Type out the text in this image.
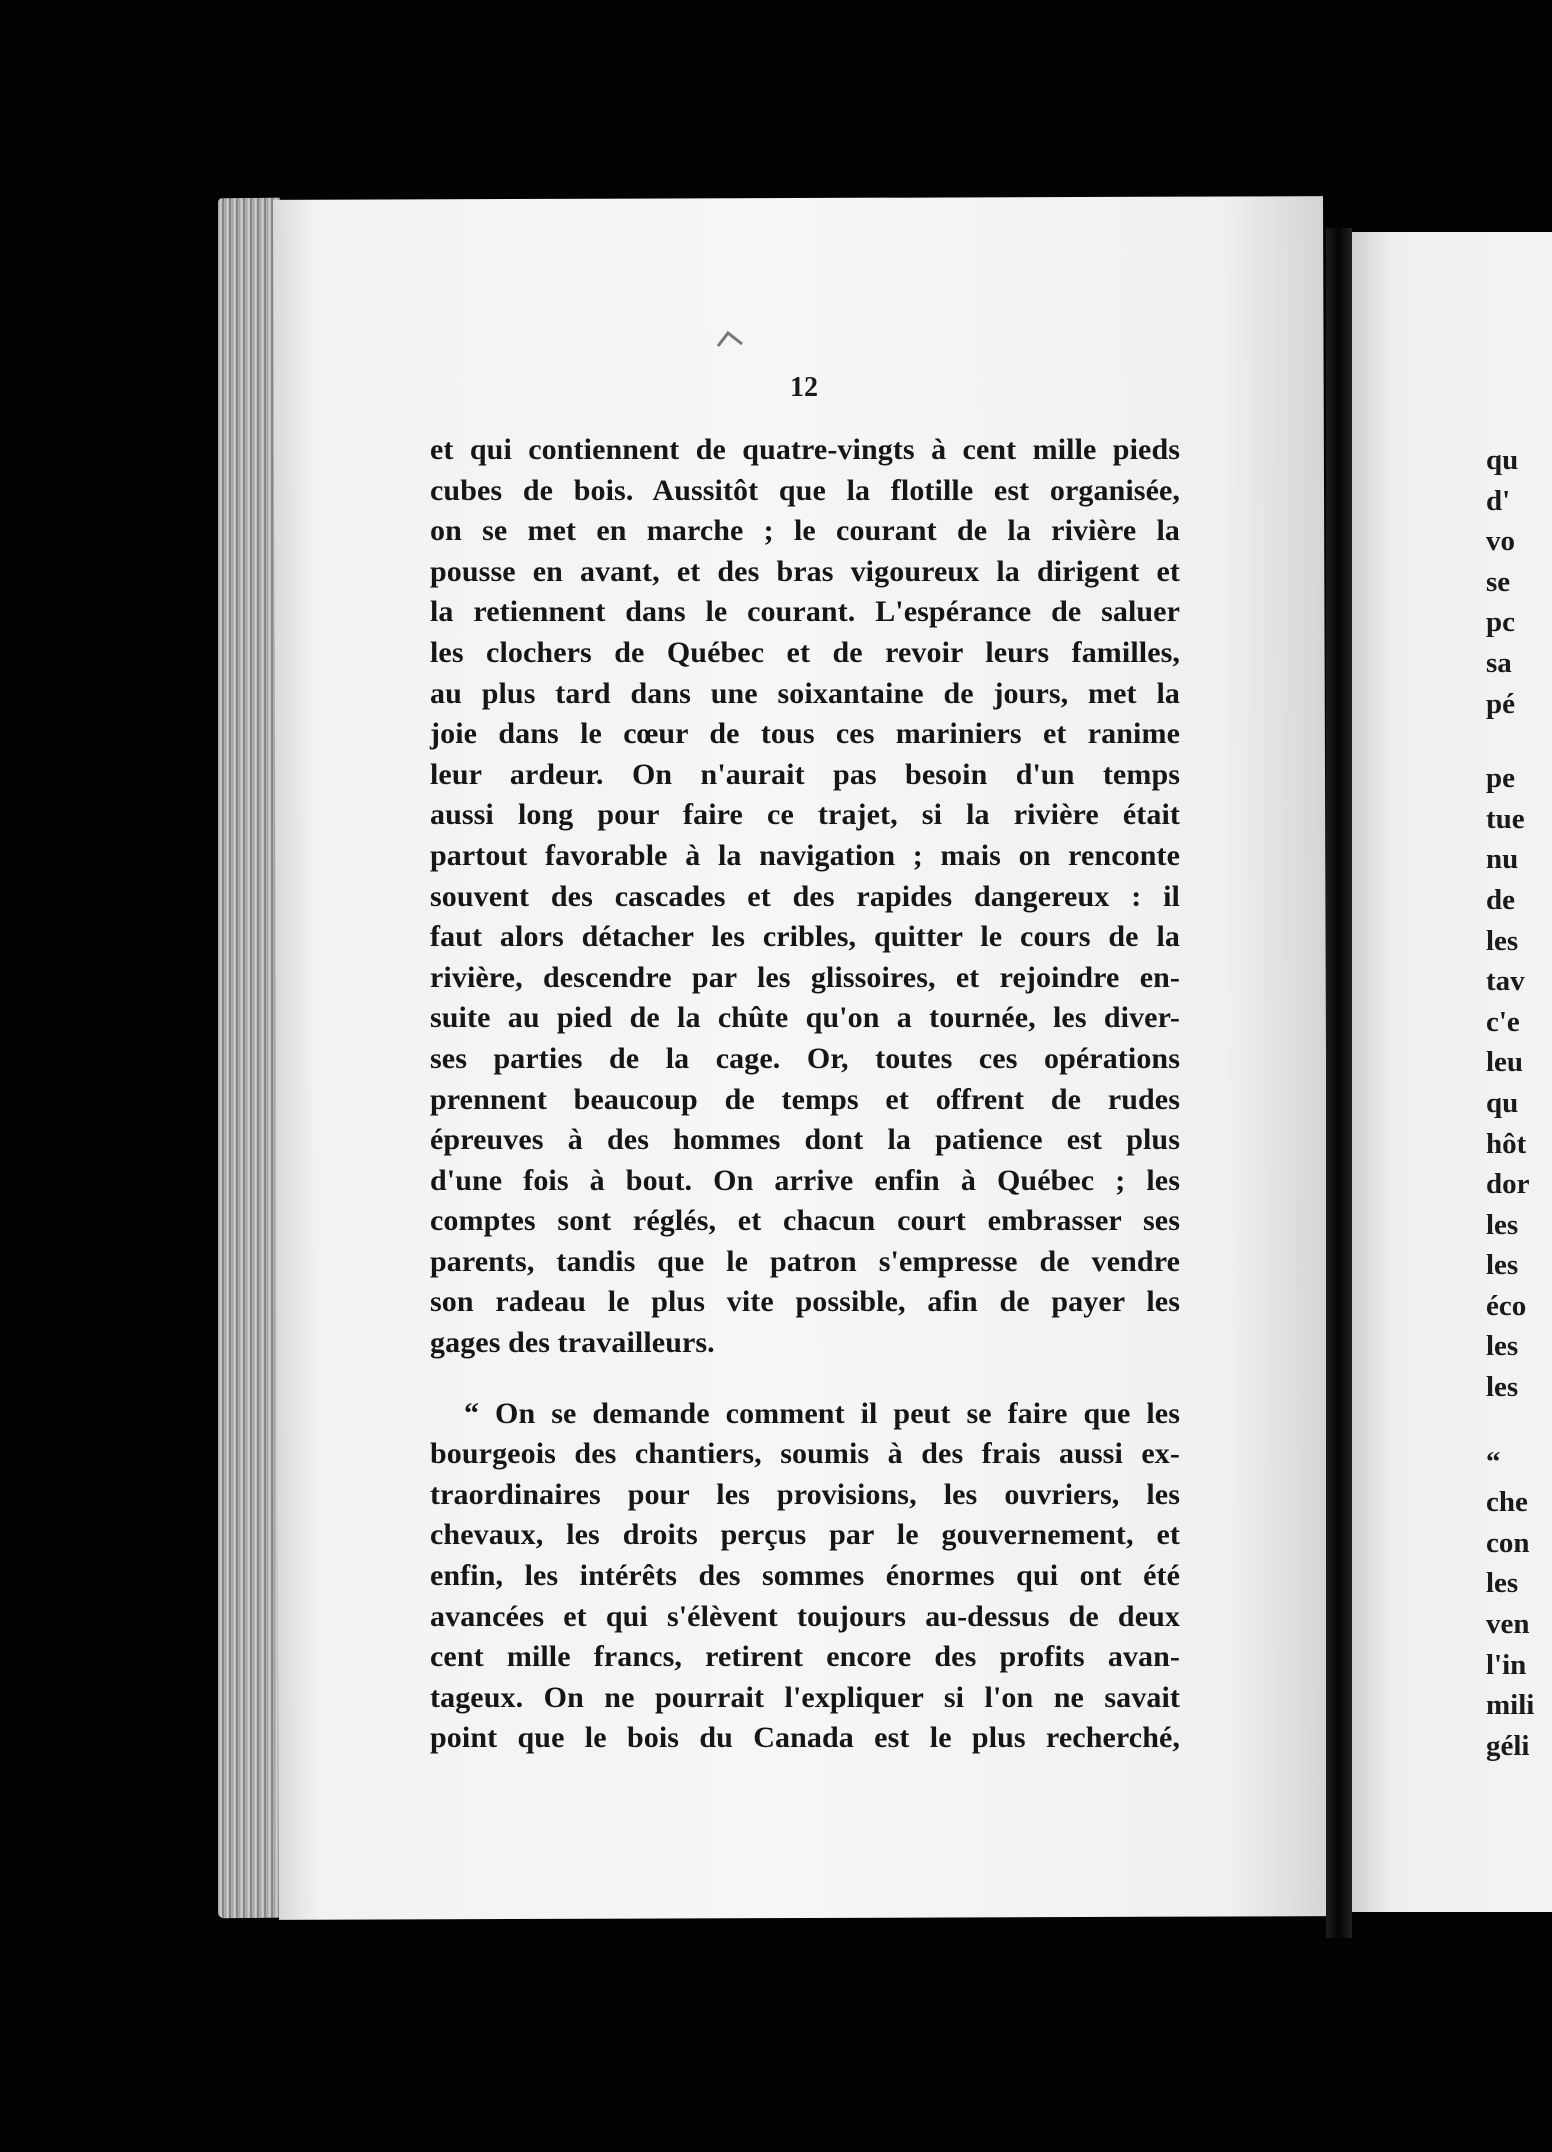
12
et qui contiennent de quatre-vingts à cent mille pieds
cubes de bois. Aussitôt que la flotille est organisée,
on se met en marche ; le courant de la rivière la
pousse en avant, et des bras vigoureux la dirigent et
la retiennent dans le courant. L'espérance de saluer
les clochers de Québec et de revoir leurs familles,
au plus tard dans une soixantaine de jours, met la
joie dans le cœur de tous ces mariniers et ranime
leur ardeur. On n'aurait pas besoin d'un temps
aussi long pour faire ce trajet, si la rivière était
partout favorable à la navigation ; mais on renconte
souvent des cascades et des rapides dangereux : il
faut alors détacher les cribles, quitter le cours de la
rivière, descendre par les glissoires, et rejoindre en-
suite au pied de la chûte qu'on a tournée, les diver-
ses parties de la cage. Or, toutes ces opérations
prennent beaucoup de temps et offrent de rudes
épreuves à des hommes dont la patience est plus
d'une fois à bout. On arrive enfin à Québec ; les
comptes sont réglés, et chacun court embrasser ses
parents, tandis que le patron s'empresse de vendre
son radeau le plus vite possible, afin de payer les
gages des travailleurs.
“ On se demande comment il peut se faire que les
bourgeois des chantiers, soumis à des frais aussi ex-
traordinaires pour les provisions, les ouvriers, les
chevaux, les droits perçus par le gouvernement, et
enfin, les intérêts des sommes énormes qui ont été
avancées et qui s'élèvent toujours au-dessus de deux
cent mille francs, retirent encore des profits avan-
tageux. On ne pourrait l'expliquer si l'on ne savait
point que le bois du Canada est le plus recherché,
qu
d'
vo
se
pc
sa
pé
pe
tue
nu
de
les
tav
c'e
leu
qu
hôt
dor
les
les
éco
les
les
“
che
con
les
ven
l'in
mili
géli
